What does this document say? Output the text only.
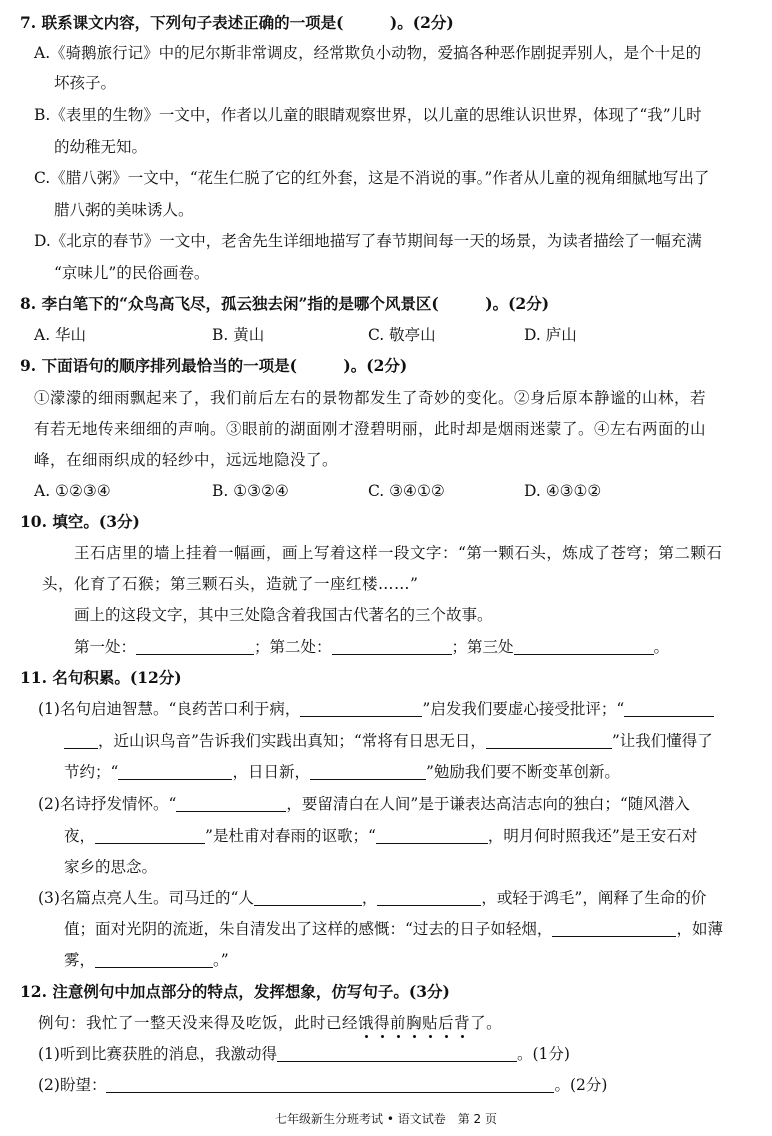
7. 联系课文内容，下列句子表述正确的一项是(　　　)。(2分)
A.《骑鹅旅行记》中的尼尔斯非常调皮，经常欺负小动物，爱搞各种恶作剧捉弄别人，是个十足的
坏孩子。
B.《表里的生物》一文中，作者以儿童的眼睛观察世界，以儿童的思维认识世界，体现了“我”儿时
的幼稚无知。
C.《腊八粥》一文中，“花生仁脱了它的红外套，这是不消说的事。”作者从儿童的视角细腻地写出了
腊八粥的美味诱人。
D.《北京的春节》一文中，老舍先生详细地描写了春节期间每一天的场景，为读者描绘了一幅充满
“京味儿”的民俗画卷。
8. 李白笔下的“众鸟高飞尽，孤云独去闲”指的是哪个风景区(　　　)。(2分)
A. 华山	B. 黄山	C. 敬亭山	D. 庐山
9. 下面语句的顺序排列最恰当的一项是(　　　)。(2分)
①濛濛的细雨飘起来了，我们前后左右的景物都发生了奇妙的变化。②身后原本静谧的山林，若
有若无地传来细细的声响。③眼前的湖面刚才澄碧明丽，此时却是烟雨迷蒙了。④左右两面的山
峰，在细雨织成的轻纱中，远远地隐没了。
A. ①②③④	B. ①③②④	C. ③④①②	D. ④③①②
10. 填空。(3分)
王石店里的墙上挂着一幅画，画上写着这样一段文字：“第一颗石头，炼成了苍穹；第二颗石
头，化育了石猴；第三颗石头，造就了一座红楼……”
画上的这段文字，其中三处隐含着我国古代著名的三个故事。
第一处：	；第二处：	；第三处	。
11. 名句积累。(12分)
(1)名句启迪智慧。“良药苦口利于病，	”启发我们要虚心接受批评；“
，近山识鸟音”告诉我们实践出真知；“常将有日思无日，	”让我们懂得了
节约；“	，日日新，	”勉励我们要不断变革创新。
(2)名诗抒发情怀。“	，要留清白在人间”是于谦表达高洁志向的独白；“随风潜入
夜，	”是杜甫对春雨的讴歌；“	，明月何时照我还”是王安石对
家乡的思念。
(3)名篇点亮人生。司马迁的“人	，	，或轻于鸿毛”，阐释了生命的价
值；面对光阴的流逝，朱自清发出了这样的感慨：“过去的日子如轻烟，	，如薄
雾，	。”
12. 注意例句中加点部分的特点，发挥想象，仿写句子。(3分)
例句：我忙了一整天没来得及吃饭，此时已经饿得前胸贴后背了。
(1)听到比赛获胜的消息，我激动得	。(1分)
(2)盼望：	。(2分)
七年级新生分班考试 • 语文试卷　第 2 页
